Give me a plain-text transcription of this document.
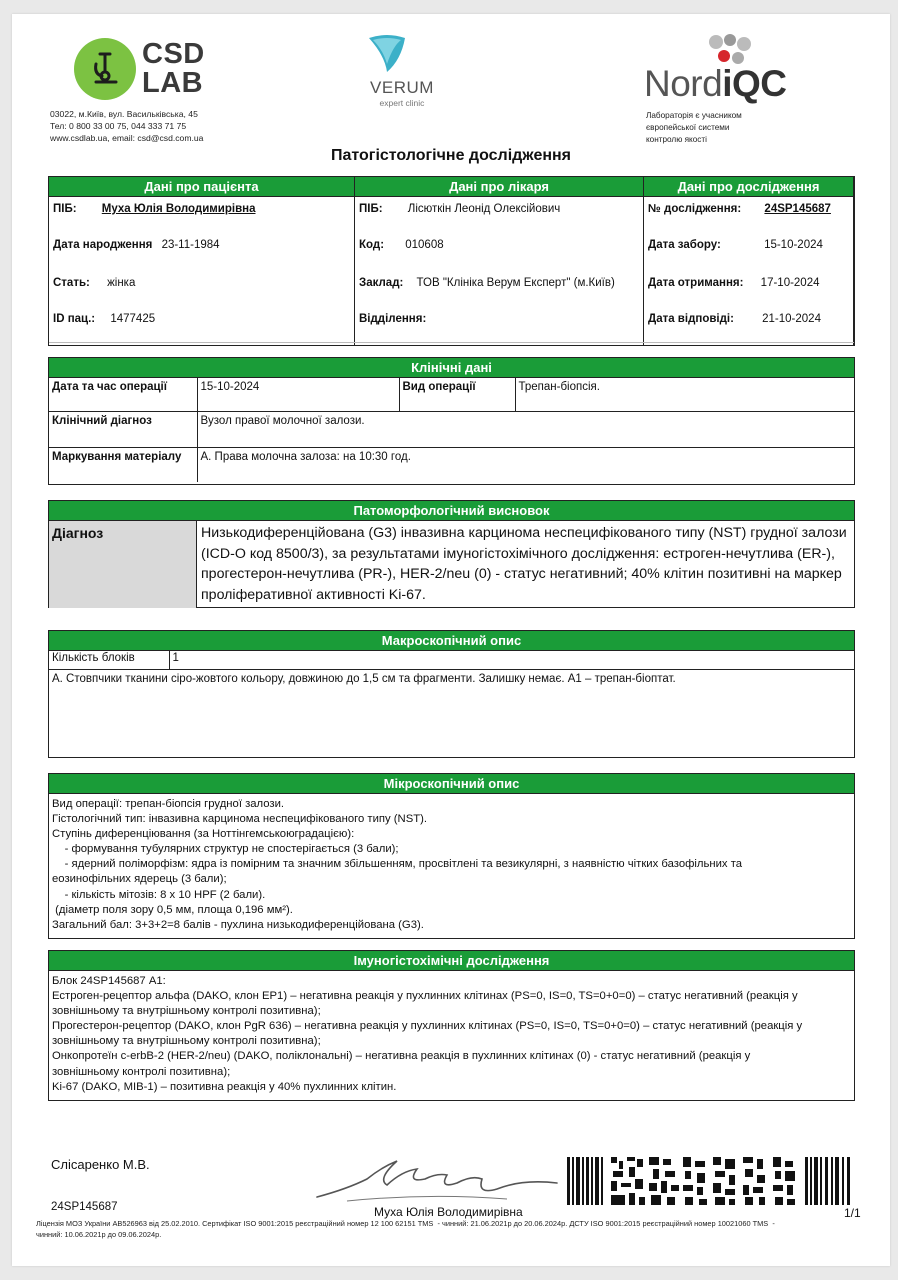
CSD
LAB
03022, м.Київ, вул. Васильківська, 45
Тел: 0 800 33 00 75, 044 333 71 75
www.csdlab.ua, email: csd@csd.com.ua
VERUM
expert clinic	NordiQC
Лабораторія є учасником
європейської системи
контролю якості
Патогістологічне дослідження
Дані про пацієнта
ПІБ: Муха Юлія Володимирівна
Дата народження 23-11-1984
Стать: жінка
ID пац.: 1477425
Дані про лікаря
ПІБ: Лісюткін Леонід Олексійович
Код: 010608
Заклад: ТОВ "Клініка Верум Експерт" (м.Київ)
Відділення:
Дані про дослідження
№ дослідження: 24SP145687
Дата забору:	15-10-2024
Дата отримання: 17-10-2024
Дата відповіді: 21-10-2024
Клінічні дані
Дата та час операції	15-10-2024	Вид операції	Трепан-біопсія.
Клінічний діагноз	Вузол правої молочної залози.		
Маркування матеріалу	А. Права молочна залоза: на 10:30 год.		
Патоморфологічний висновок
Діагноз	Низькодиференційована (G3) інвазивна карцинома неспецифікованого типу (NST) грудної залози (ICD-O код 8500/3), за результатами імуногістохімічного дослідження: естроген-нечутлива (ER-), прогестерон-нечутлива (PR-), HER-2/neu (0) - статус негативний; 40% клітин позитивні на маркер проліферативної активності Ki-67.
Макроскопічний опис
Кількість блоків	1
А. Стовпчики тканини сіро-жовтого кольору, довжиною до 1,5 см та фрагменти. Залишку немає. А1 – трепан-біоптат.
Мікроскопічний опис
Вид операції: трепан-біопсія грудної залози.
Гістологічний тип: інвазивна карцинома неспецифікованого типу (NST).
Ступінь диференціювання (за Ноттінгемськоюградацією):
- формування тубулярних структур не спостерігається (3 бали);
- ядерний поліморфізм: ядра із помірним та значним збільшенням, просвітлені та везикулярні, з наявністю чітких базофільних та
еозинофільних ядерець (3 бали);
- кількість мітозів: 8 x 10 HPF (2 бали).
(діаметр поля зору 0,5 мм, площа 0,196 мм²).
Загальний бал: 3+3+2=8 балів - пухлина низькодиференційована (G3).
Імуногістохімічні дослідження
Блок 24SP145687 А1:
Естроген-рецептор альфа (DAKO, клон EP1) – негативна реакція у пухлинних клітинах (PS=0, IS=0, TS=0+0=0) – статус негативний (реакція у
зовнішньому та внутрішньому контролі позитивна);
Прогестерон-рецептор (DAKO, клон PgR 636) – негативна реакція у пухлинних клітинах (PS=0, IS=0, TS=0+0=0) – статус негативний (реакція у
зовнішньому та внутрішньому контролі позитивна);
Онкопротеїн c-erbB-2 (HER-2/neu) (DAKO, поліклональні) – негативна реакція в пухлинних клітинах (0) - статус негативний (реакція у
зовнішньому контролі позитивна);
Ki-67 (DAKO, MIB-1) – позитивна реакція у 40% пухлинних клітин.
Слісаренко М.В.
24SP145687	Муха Юлія Володимирівна	1/1
Ліцензія МОЗ України АВ526963 від 25.02.2010. Сертифікат ISO 9001:2015 реєстраційний номер 12 100 62151 TMS  - чинний: 21.06.2021р до 20.06.2024р. ДСТУ ISO 9001:2015 реєстраційний номер 10021060 TMS  -
чинний: 10.06.2021р до 09.06.2024р.
